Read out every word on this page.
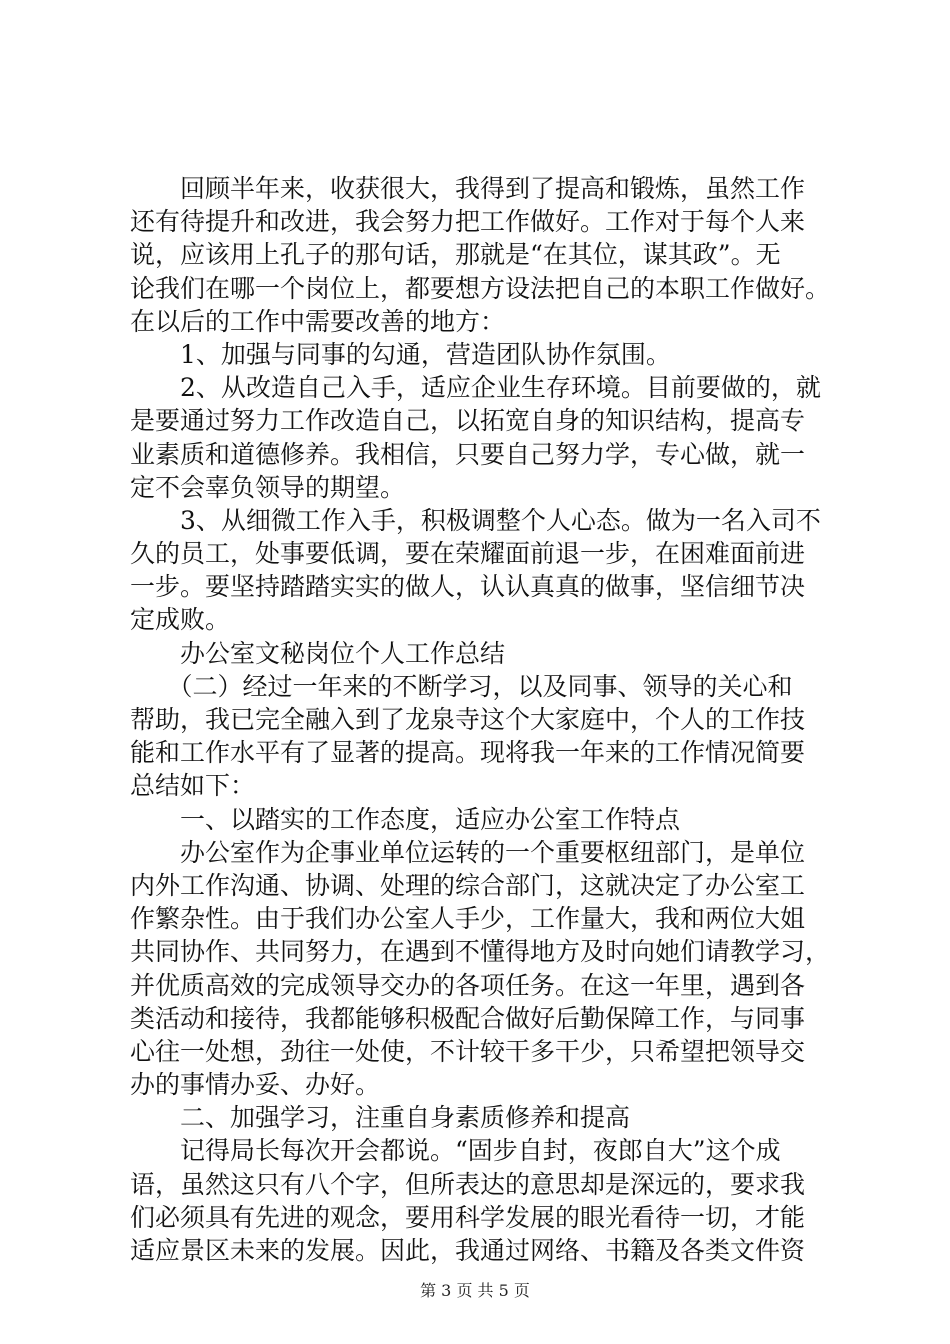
　　回顾半年来，收获很大，我得到了提高和锻炼，虽然工作
还有待提升和改进，我会努力把工作做好。工作对于每个人来
说，应该用上孔子的那句话，那就是“在其位，谋其政”。无
论我们在哪一个岗位上，都要想方设法把自己的本职工作做好。
在以后的工作中需要改善的地方：
　　1、加强与同事的勾通，营造团队协作氛围。
　　2、从改造自己入手，适应企业生存环境。目前要做的，就
是要通过努力工作改造自己，以拓宽自身的知识结构，提高专
业素质和道德修养。我相信，只要自己努力学，专心做，就一
定不会辜负领导的期望。
　　3、从细微工作入手，积极调整个人心态。做为一名入司不
久的员工，处事要低调，要在荣耀面前退一步，在困难面前进
一步。要坚持踏踏实实的做人，认认真真的做事，坚信细节决
定成败。
　　办公室文秘岗位个人工作总结
　　（二）经过一年来的不断学习，以及同事、领导的关心和
帮助，我已完全融入到了龙泉寺这个大家庭中，个人的工作技
能和工作水平有了显著的提高。现将我一年来的工作情况简要
总结如下：
　　一、以踏实的工作态度，适应办公室工作特点
　　办公室作为企事业单位运转的一个重要枢纽部门，是单位
内外工作沟通、协调、处理的综合部门，这就决定了办公室工
作繁杂性。由于我们办公室人手少，工作量大，我和两位大姐
共同协作、共同努力，在遇到不懂得地方及时向她们请教学习，
并优质高效的完成领导交办的各项任务。在这一年里，遇到各
类活动和接待，我都能够积极配合做好后勤保障工作，与同事
心往一处想，劲往一处使，不计较干多干少，只希望把领导交
办的事情办妥、办好。
　　二、加强学习，注重自身素质修养和提高
　　记得局长每次开会都说。“固步自封，夜郎自大”这个成
语，虽然这只有八个字，但所表达的意思却是深远的，要求我
们必须具有先进的观念，要用科学发展的眼光看待一切，才能
适应景区未来的发展。因此，我通过网络、书籍及各类文件资
第 3 页 共 5 页
